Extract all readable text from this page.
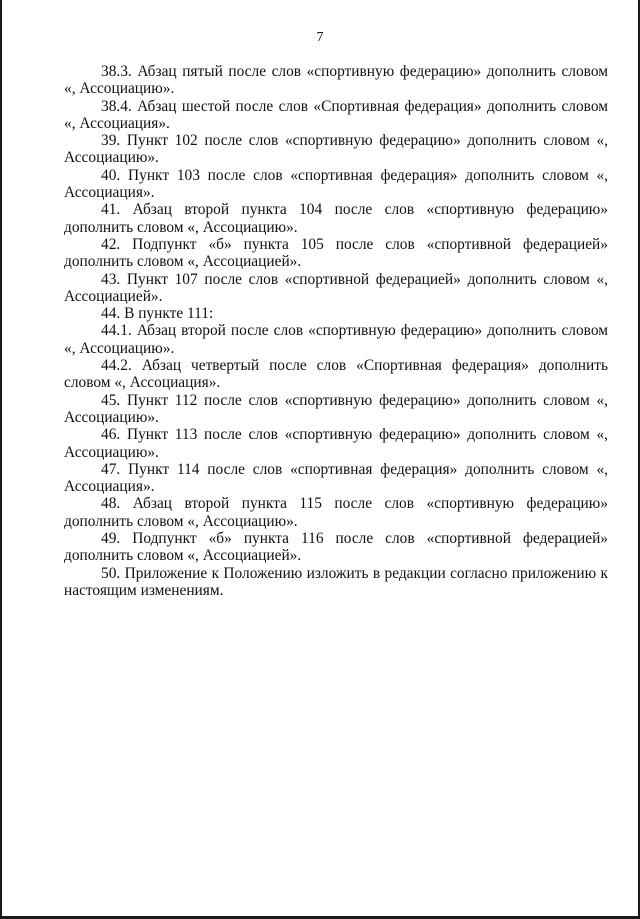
7

38.3. Абзац пятый после слов «спортивную федерацию» дополнить словом «, Ассоциацию».

38.4. Абзац шестой после слов «Спортивная федерация» дополнить словом «, Ассоциация».

39. Пункт 102 после слов «спортивную федерацию» дополнить словом «, Ассоциацию».

40. Пункт 103 после слов «спортивная федерация» дополнить словом «, Ассоциация».

41. Абзац второй пункта 104 после слов «спортивную федерацию» дополнить словом «, Ассоциацию».

42. Подпункт «б» пункта 105 после слов «спортивной федерацией» дополнить словом «, Ассоциацией».

43. Пункт 107 после слов «спортивной федерацией» дополнить словом «, Ассоциацией».

44. В пункте 111:

44.1. Абзац второй после слов «спортивную федерацию» дополнить словом «, Ассоциацию».

44.2. Абзац четвертый после слов «Спортивная федерация» дополнить словом «, Ассоциация».

45. Пункт 112 после слов «спортивную федерацию» дополнить словом «, Ассоциацию».

46. Пункт 113 после слов «спортивную федерацию» дополнить словом «, Ассоциацию».

47. Пункт 114 после слов «спортивная федерация» дополнить словом «, Ассоциация».

48. Абзац второй пункта 115 после слов «спортивную федерацию» дополнить словом «, Ассоциацию».

49. Подпункт «б» пункта 116 после слов «спортивной федерацией» дополнить словом «, Ассоциацией».

50. Приложение к Положению изложить в редакции согласно приложению к настоящим изменениям.
